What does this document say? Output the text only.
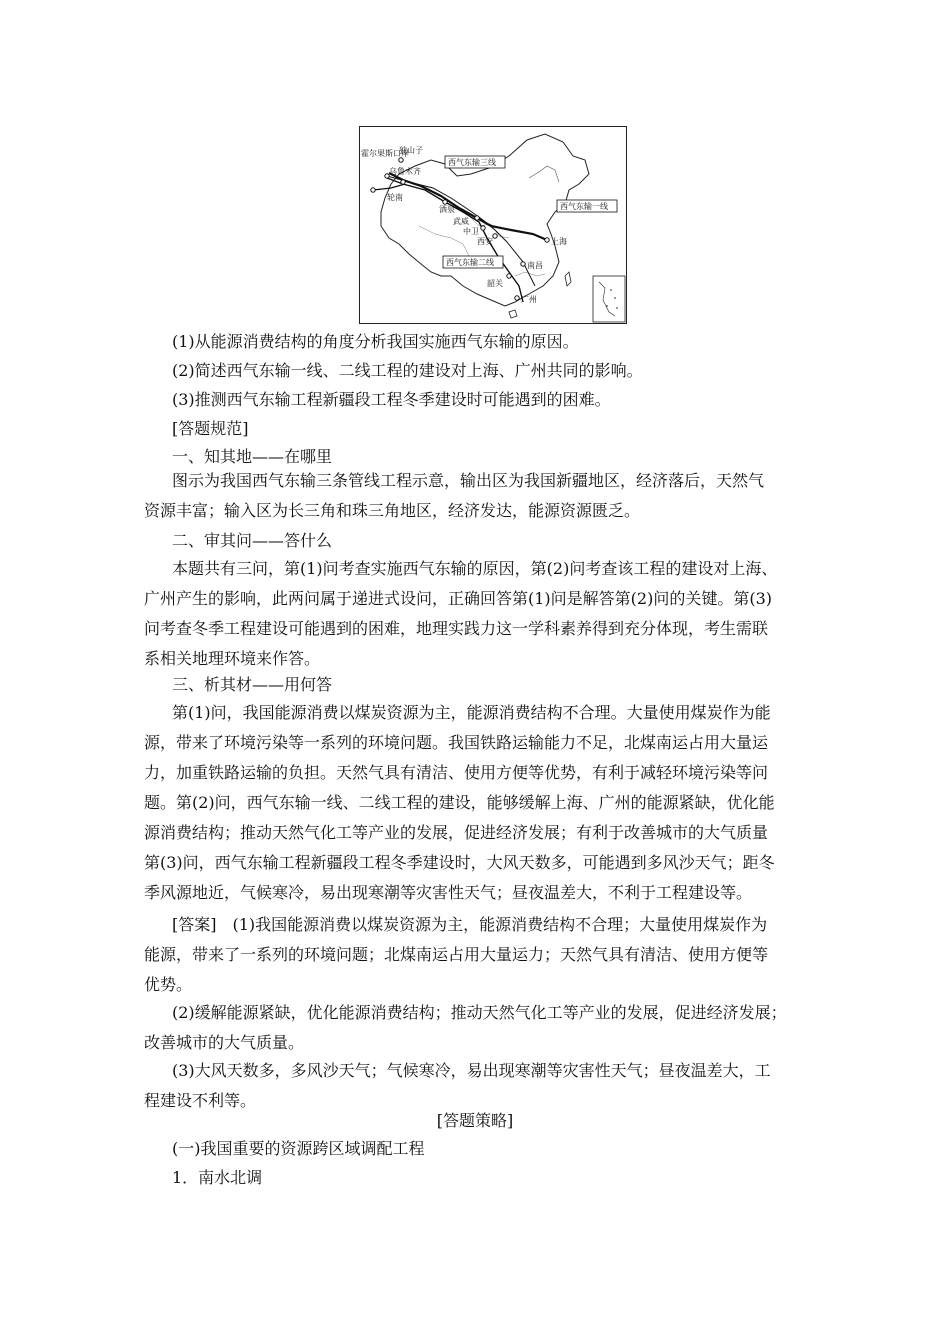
霍尔果斯口岸
独山子
乌鲁木齐
轮南
酒泉
武威
中卫
西安	上海
南昌
韶关
广州
西气东输三线
西气东输一线
西气东输二线

(1)从能源消费结构的角度分析我国实施西气东输的原因。

(2)简述西气东输一线、二线工程的建设对上海、广州共同的影响。

(3)推测西气东输工程新疆段工程冬季建设时可能遇到的困难。

[答题规范]

一、知其地——在哪里

图示为我国西气东输三条管线工程示意，输出区为我国新疆地区，经济落后，天然气
资源丰富；输入区为长三角和珠三角地区，经济发达，能源资源匮乏。

二、审其问——答什么

本题共有三问，第(1)问考查实施西气东输的原因，第(2)问考查该工程的建设对上海、
广州产生的影响，此两问属于递进式设问，正确回答第(1)问是解答第(2)问的关键。第(3)
问考查冬季工程建设可能遇到的困难，地理实践力这一学科素养得到充分体现，考生需联
系相关地理环境来作答。

三、析其材——用何答

第(1)问，我国能源消费以煤炭资源为主，能源消费结构不合理。大量使用煤炭作为能
源，带来了环境污染等一系列的环境问题。我国铁路运输能力不足，北煤南运占用大量运
力，加重铁路运输的负担。天然气具有清洁、使用方便等优势，有利于减轻环境污染等问
题。第(2)问，西气东输一线、二线工程的建设，能够缓解上海、广州的能源紧缺，优化能
源消费结构；推动天然气化工等产业的发展，促进经济发展；有利于改善城市的大气质量
第(3)问，西气东输工程新疆段工程冬季建设时，大风天数多，可能遇到多风沙天气；距冬
季风源地近，气候寒冷，易出现寒潮等灾害性天气；昼夜温差大，不利于工程建设等。
[答案]　(1)我国能源消费以煤炭资源为主，能源消费结构不合理；大量使用煤炭作为
能源，带来了一系列的环境问题；北煤南运占用大量运力；天然气具有清洁、使用方便等
优势。
(2)缓解能源紧缺，优化能源消费结构；推动天然气化工等产业的发展，促进经济发展；
改善城市的大气质量。
(3)大风天数多，多风沙天气；气候寒冷，易出现寒潮等灾害性天气；昼夜温差大，工
程建设不利等。
[答题策略]

(一)我国重要的资源跨区域调配工程

1．南水北调
